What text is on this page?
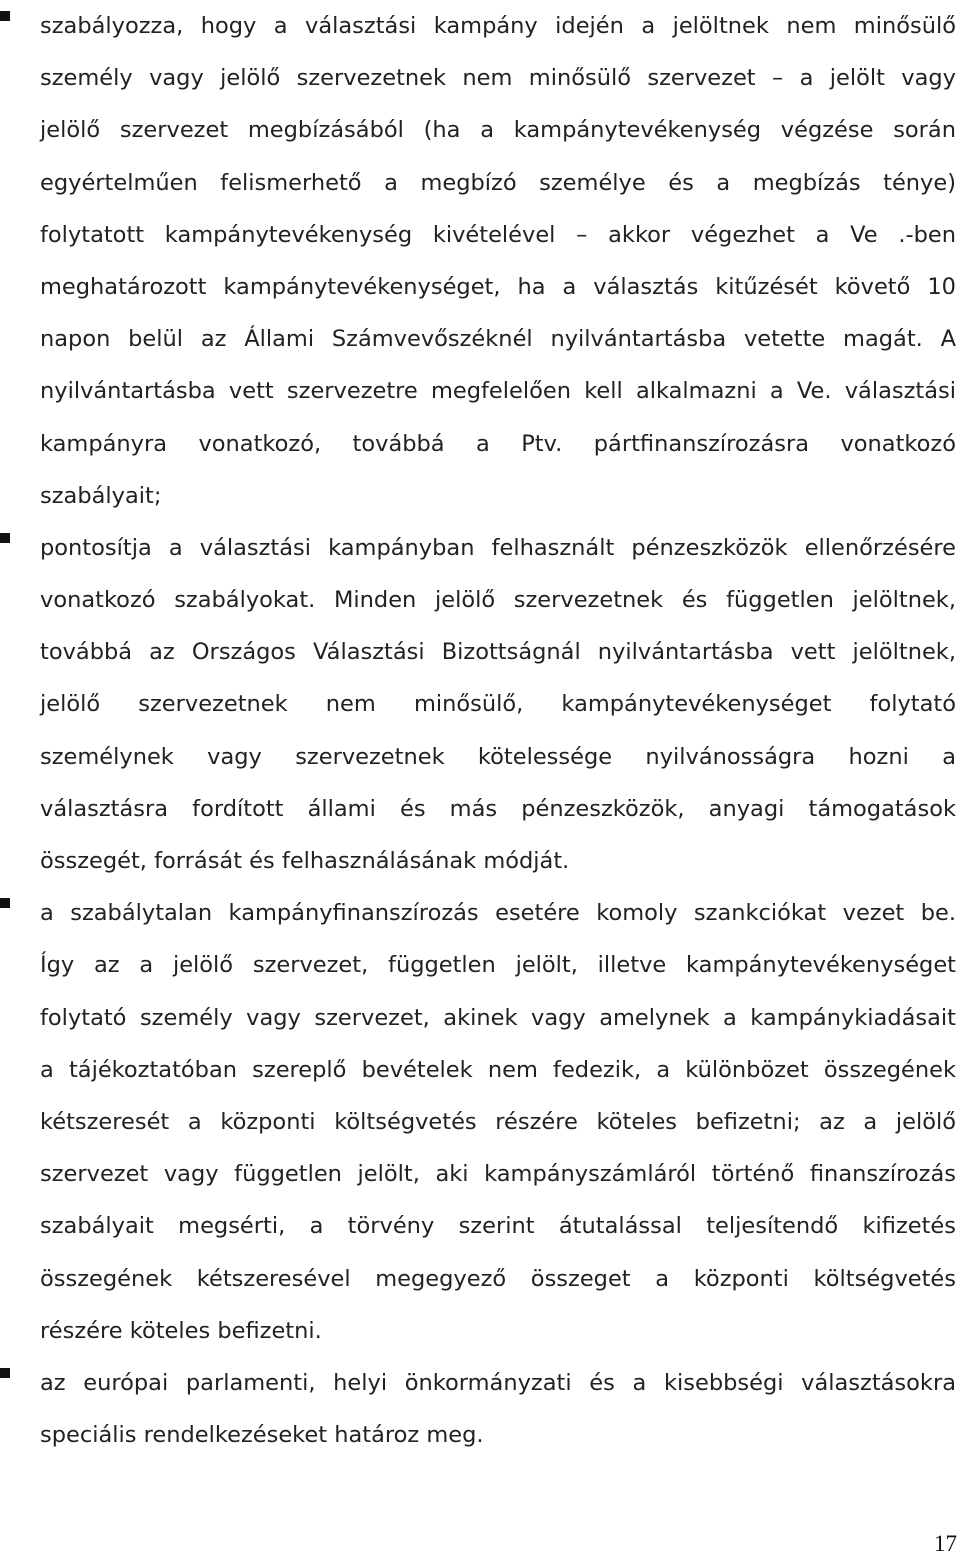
szabályozza, hogy a választási kampány idején a jelöltnek nem minősülő
személy vagy jelölő szervezetnek nem minősülő szervezet – a jelölt vagy
jelölő szervezet megbízásából (ha a kampánytevékenység végzése során
egyértelműen felismerhető a megbízó személye és a megbízás ténye)
folytatott kampánytevékenység kivételével – akkor végezhet a Ve .-ben
meghatározott kampánytevékenységet, ha a választás kitűzését követő 10
napon belül az Állami Számvevőszéknél nyilvántartásba vetette magát. A
nyilvántartásba vett szervezetre megfelelően kell alkalmazni a Ve. választási
kampányra vonatkozó, továbbá a Ptv. pártfinanszírozásra vonatkozó
szabályait;
pontosítja a választási kampányban felhasznált pénzeszközök ellenőrzésére
vonatkozó szabályokat. Minden jelölő szervezetnek és független jelöltnek,
továbbá az Országos Választási Bizottságnál nyilvántartásba vett jelöltnek,
jelölő szervezetnek nem minősülő, kampánytevékenységet folytató
személynek vagy szervezetnek kötelessége nyilvánosságra hozni a
választásra fordított állami és más pénzeszközök, anyagi támogatások
összegét, forrását és felhasználásának módját.
a szabálytalan kampányfinanszírozás esetére komoly szankciókat vezet be.
Így az a jelölő szervezet, független jelölt, illetve kampánytevékenységet
folytató személy vagy szervezet, akinek vagy amelynek a kampánykiadásait
a tájékoztatóban szereplő bevételek nem fedezik, a különbözet összegének
kétszeresét a központi költségvetés részére köteles befizetni; az a jelölő
szervezet vagy független jelölt, aki kampányszámláról történő finanszírozás
szabályait megsérti, a törvény szerint átutalással teljesítendő kifizetés
összegének kétszeresével megegyező összeget a központi költségvetés
részére köteles befizetni.
az európai parlamenti, helyi önkormányzati és a kisebbségi választásokra
speciális rendelkezéseket határoz meg.
17
